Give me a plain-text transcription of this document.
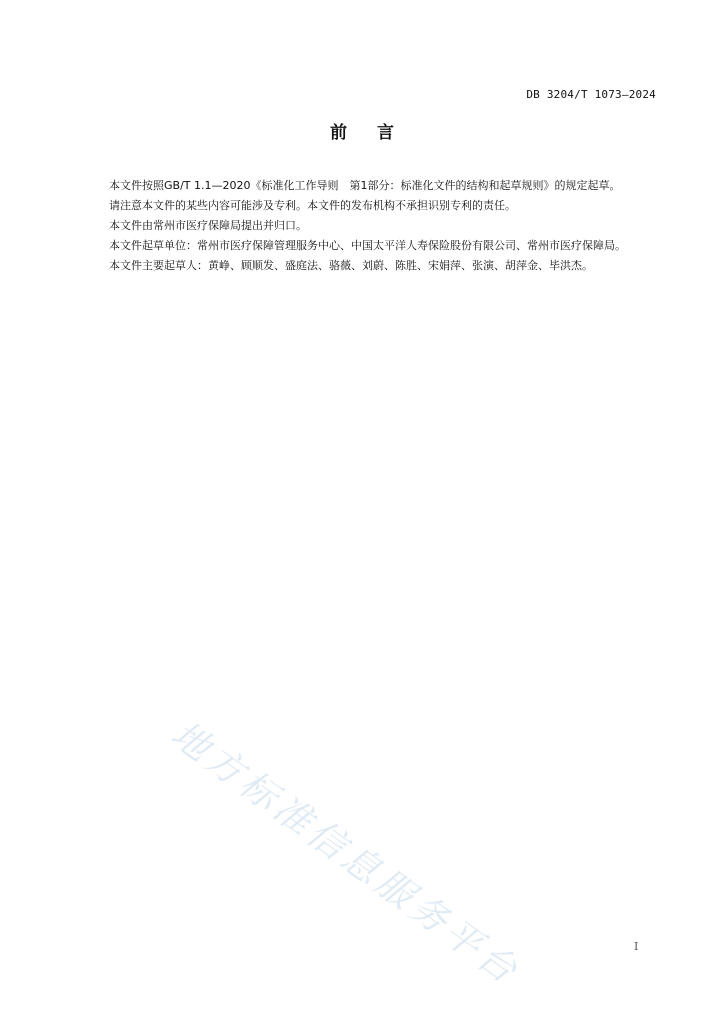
DB 3204/T 1073—2024
前言

本文件按照GB/T 1.1—2020《标准化工作导则　第1部分：标准化文件的结构和起草规则》的规定起草。

请注意本文件的某些内容可能涉及专利。本文件的发布机构不承担识别专利的责任。

本文件由常州市医疗保障局提出并归口。

本文件起草单位：常州市医疗保障管理服务中心、中国太平洋人寿保险股份有限公司、常州市医疗保障局。

本文件主要起草人：黄峥、顾顺发、盛庭法、骆薇、刘蔚、陈胜、宋娟萍、张演、胡萍金、毕洪杰。

地方标准信息服务平台	I
